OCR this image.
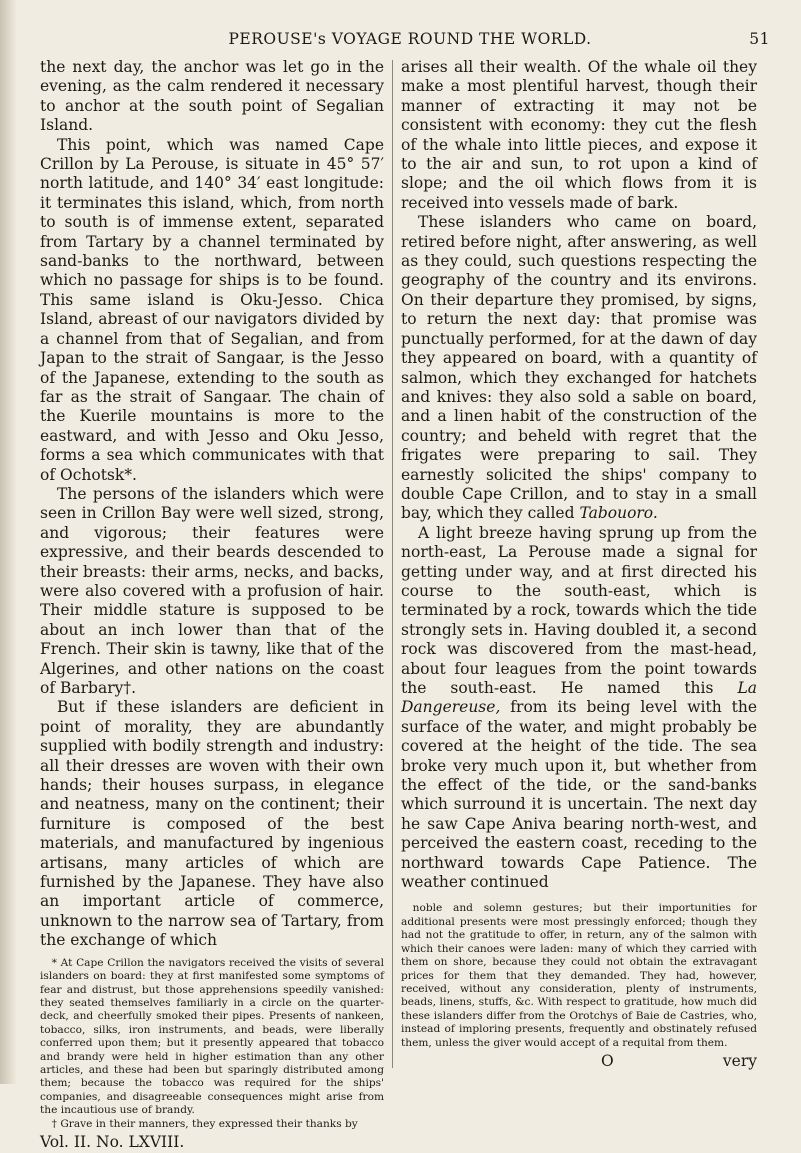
PEROUSE's VOYAGE ROUND THE WORLD.	51

the next day, the anchor was let go in the evening, as the calm rendered it necessary to anchor at the south point of Segalian Island.

This point, which was named Cape Crillon by La Perouse, is situate in 45° 57′ north latitude, and 140° 34′ east longitude: it terminates this island, which, from north to south is of immense extent, separated from Tartary by a channel terminated by sand-banks to the northward, between which no passage for ships is to be found. This same island is Oku-Jesso. Chica Island, abreast of our navigators divided by a channel from that of Segalian, and from Japan to the strait of Sangaar, is the Jesso of the Japanese, extending to the south as far as the strait of Sangaar. The chain of the Kuerile mountains is more to the eastward, and with Jesso and Oku Jesso, forms a sea which communicates with that of Ochotsk*.

The persons of the islanders which were seen in Crillon Bay were well sized, strong, and vigorous; their features were expressive, and their beards descended to their breasts: their arms, necks, and backs, were also covered with a profusion of hair. Their middle stature is supposed to be about an inch lower than that of the French. Their skin is tawny, like that of the Algerines, and other nations on the coast of Barbary†.

But if these islanders are deficient in point of morality, they are abundantly supplied with bodily strength and industry: all their dresses are woven with their own hands; their houses surpass, in elegance and neatness, many on the continent; their furniture is composed of the best materials, and manufactured by ingenious artisans, many articles of which are furnished by the Japanese. They have also an important article of commerce, unknown to the narrow sea of Tartary, from the exchange of which

* At Cape Crillon the navigators received the visits of several islanders on board: they at first manifested some symptoms of fear and distrust, but those apprehensions speedily vanished: they seated themselves familiarly in a circle on the quarter-deck, and cheerfully smoked their pipes. Presents of nankeen, tobacco, silks, iron instruments, and beads, were liberally conferred upon them; but it presently appeared that tobacco and brandy were held in higher estimation than any other articles, and these had been but sparingly distributed among them; because the tobacco was required for the ships' companies, and disagreeable consequences might arise from the incautious use of brandy.

† Grave in their manners, they expressed their thanks by

Vol. II. No. LXVIII.

arises all their wealth. Of the whale oil they make a most plentiful harvest, though their manner of extracting it may not be consistent with economy: they cut the flesh of the whale into little pieces, and expose it to the air and sun, to rot upon a kind of slope; and the oil which flows from it is received into vessels made of bark.

These islanders who came on board, retired before night, after answering, as well as they could, such questions respecting the geography of the country and its environs. On their departure they promised, by signs, to return the next day: that promise was punctually performed, for at the dawn of day they appeared on board, with a quantity of salmon, which they exchanged for hatchets and knives: they also sold a sable on board, and a linen habit of the construction of the country; and beheld with regret that the frigates were preparing to sail. They earnestly solicited the ships' company to double Cape Crillon, and to stay in a small bay, which they called Tabouoro.

A light breeze having sprung up from the north-east, La Perouse made a signal for getting under way, and at first directed his course to the south-east, which is terminated by a rock, towards which the tide strongly sets in. Having doubled it, a second rock was discovered from the mast-head, about four leagues from the point towards the south-east. He named this La Dangereuse, from its being level with the surface of the water, and might probably be covered at the height of the tide. The sea broke very much upon it, but whether from the effect of the tide, or the sand-banks which surround it is uncertain. The next day he saw Cape Aniva bearing north-west, and perceived the eastern coast, receding to the northward towards Cape Patience. The weather continued

noble and solemn gestures; but their importunities for additional presents were most pressingly enforced; though they had not the gratitude to offer, in return, any of the salmon with which their canoes were laden: many of which they carried with them on shore, because they could not obtain the extravagant prices for them that they demanded. They had, however, received, without any consideration, plenty of instruments, beads, linens, stuffs, &c. With respect to gratitude, how much did these islanders differ from the Orotchys of Baie de Castries, who, instead of imploring presents, frequently and obstinately refused them, unless the giver would accept of a requital from them.

O	very
